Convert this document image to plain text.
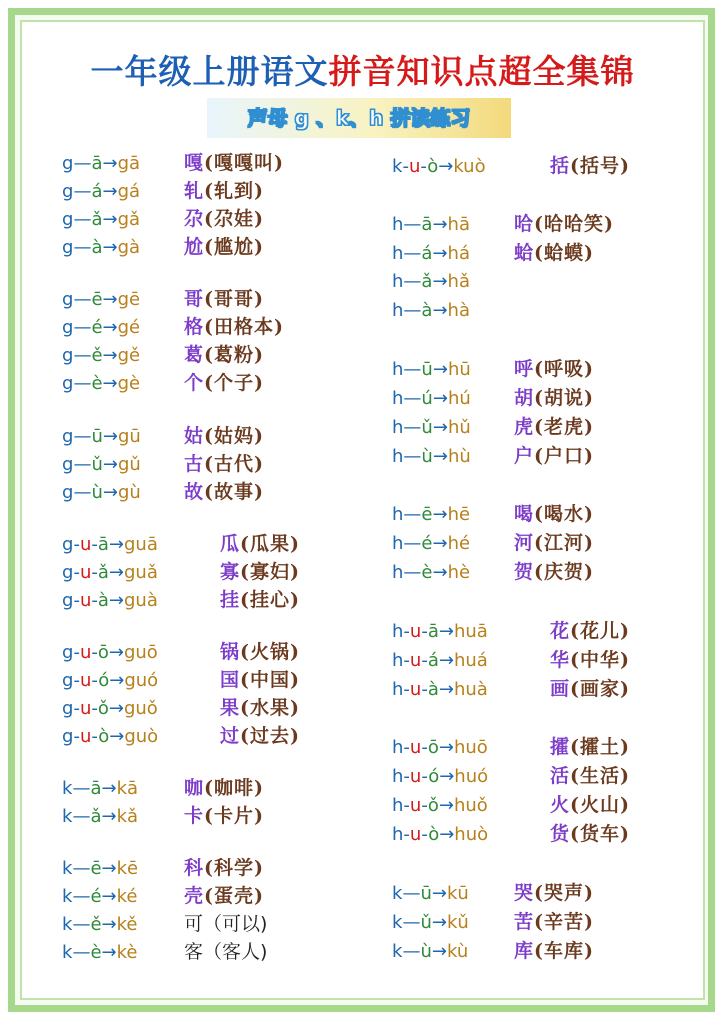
一年级上册语文拼音知识点超全集锦
声母 g 、k、h 拼读练习
g—ā→gā 嘎(嘎嘎叫)
g—á→gá 轧(轧到)
g—ǎ→gǎ 尕(尕娃)
g—à→gà 尬(尴尬)
g—ē→gē 哥(哥哥)
g—é→gé 格(田格本)
g—ě→gě 葛(葛粉)
g—è→gè 个(个子)
g—ū→gū 姑(姑妈)
g—ǔ→gǔ 古(古代)
g—ù→gù 故(故事)
g-u-ā→guā	瓜(瓜果)
g-u-ǎ→guǎ	寡(寡妇)
g-u-à→guà	挂(挂心)
g-u-ō→guō	锅(火锅)
g-u-ó→guó	国(中国)
g-u-ǒ→guǒ	果(水果)
g-u-ò→guò	过(过去)
k—ā→kā 咖(咖啡)
k—ǎ→kǎ 卡(卡片)
k—ē→kē 科(科学)
k—é→ké 壳(蛋壳)
k—ě→kě 可（可以)
k—è→kè 客（客人)
k-u-ò→kuò	括(括号)
h—ā→hā 哈(哈哈笑)
h—á→há 蛤(蛤蟆)
h—ǎ→hǎ
h—à→hà
h—ū→hū 呼(呼吸)
h—ú→hú 胡(胡说)
h—ǔ→hǔ 虎(老虎)
h—ù→hù 户(户口)
h—ē→hē 喝(喝水)
h—é→hé 河(江河)
h—è→hè 贺(庆贺)
h-u-ā→huā	花(花儿)
h-u-á→huá	华(中华)
h-u-à→huà	画(画家)
h-u-ō→huō	攉(攉土)
h-u-ó→huó	活(生活)
h-u-ǒ→huǒ	火(火山)
h-u-ò→huò	货(货车)
k—ū→kū 哭(哭声)
k—ǔ→kǔ 苦(辛苦)
k—ù→kù 库(车库)
